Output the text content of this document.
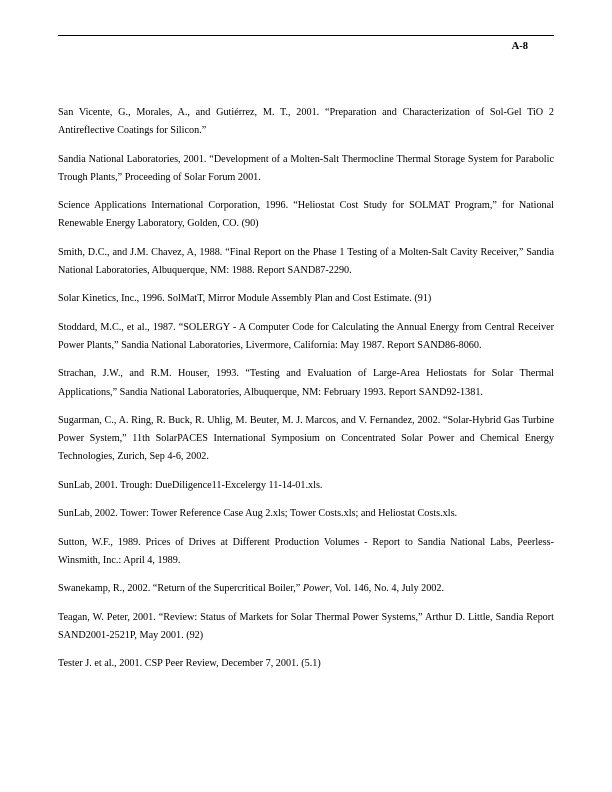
A-8

San Vicente, G., Morales, A., and Gutiérrez, M. T., 2001. “Preparation and Characterization of Sol-Gel TiO 2 Antireflective Coatings for Silicon.”

Sandia National Laboratories, 2001. “Development of a Molten-Salt Thermocline Thermal Storage System for Parabolic Trough Plants,” Proceeding of Solar Forum 2001.

Science Applications International Corporation, 1996. “Heliostat Cost Study for SOLMAT Program,” for National Renewable Energy Laboratory, Golden, CO. (90)

Smith, D.C., and J.M. Chavez, A, 1988. “Final Report on the Phase 1 Testing of a Molten-Salt Cavity Receiver,” Sandia National Laboratories, Albuquerque, NM: 1988. Report SAND87-2290.

Solar Kinetics, Inc., 1996. SolMatT, Mirror Module Assembly Plan and Cost Estimate. (91)

Stoddard, M.C., et al., 1987. “SOLERGY - A Computer Code for Calculating the Annual Energy from Central Receiver Power Plants,” Sandia National Laboratories, Livermore, California: May 1987. Report SAND86-8060.

Strachan, J.W., and R.M. Houser, 1993. “Testing and Evaluation of Large-Area Heliostats for Solar Thermal Applications,” Sandia National Laboratories, Albuquerque, NM: February 1993. Report SAND92-1381.

Sugarman, C., A. Ring, R. Buck, R. Uhlig, M. Beuter, M. J. Marcos, and V. Fernandez, 2002. “Solar-Hybrid Gas Turbine Power System,” 11th SolarPACES International Symposium on Concentrated Solar Power and Chemical Energy Technologies, Zurich, Sep 4-6, 2002.

SunLab, 2001. Trough: DueDiligence11-Excelergy 11-14-01.xls.

SunLab, 2002. Tower: Tower Reference Case Aug 2.xls; Tower Costs.xls; and Heliostat Costs.xls.

Sutton, W.F., 1989. Prices of Drives at Different Production Volumes - Report to Sandia National Labs, Peerless-Winsmith, Inc.: April 4, 1989.

Swanekamp, R., 2002. “Return of the Supercritical Boiler,” Power, Vol. 146, No. 4, July 2002.

Teagan, W. Peter, 2001. “Review: Status of Markets for Solar Thermal Power Systems,” Arthur D. Little, Sandia Report SAND2001-2521P, May 2001. (92)

Tester J. et al., 2001. CSP Peer Review, December 7, 2001. (5.1)
